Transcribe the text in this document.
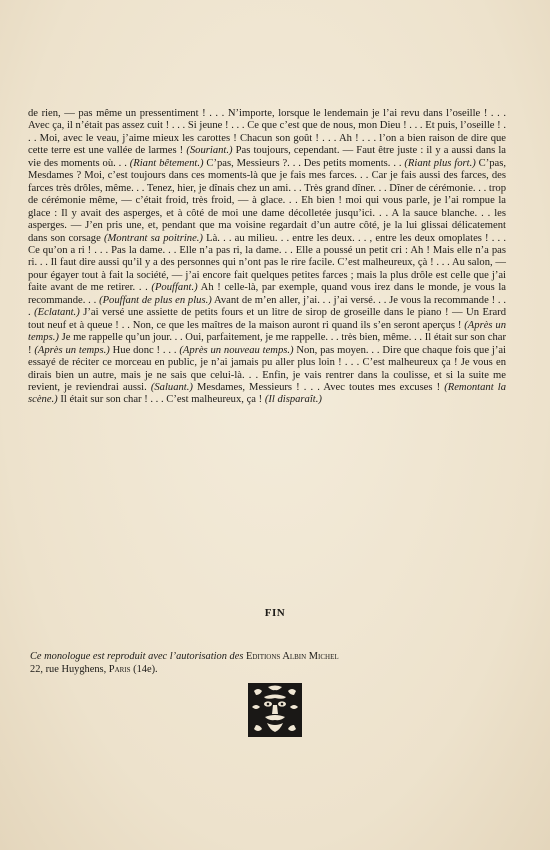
de rien, — pas même un pressentiment ! . . . N’importe, lorsque le lendemain je l’ai revu dans l’oseille ! . . . Avec ça, il n’était pas assez cuit ! . . . Si jeune ! . . . Ce que c’est que de nous, mon Dieu ! . . . Et puis, l’oseille ! . . . Moi, avec le veau, j’aime mieux les carottes ! Chacun son goût ! . . . Ah ! . . . l’on a bien raison de dire que cette terre est une vallée de larmes ! (Souriant.) Pas toujours, cependant. — Faut être juste : il y a aussi dans la vie des moments où. . . (Riant bêtement.) C’pas, Messieurs ?. . . Des petits moments. . . (Riant plus fort.) C’pas, Mesdames ? Moi, c’est toujours dans ces moments-là que je fais mes farces. . . Car je fais aussi des farces, des farces très drôles, même. . . Tenez, hier, je dînais chez un ami. . . Très grand dîner. . . Dîner de cérémonie. . . trop de cérémonie même, — c’était froid, très froid, — à glace. . . Eh bien ! moi qui vous parle, je l’ai rompue la glace : Il y avait des asperges, et à côté de moi une dame décolletée jusqu’ici. . . A la sauce blanche. . . les asperges. — J’en pris une, et, pendant que ma voisine regardait d’un autre côté, je la lui glissai délicatement dans son corsage (Montrant sa poitrine.) Là. . . au milieu. . . entre les deux. . . , entre les deux omoplates ! . . . Ce qu’on a ri ! . . . Pas la dame. . . Elle n’a pas ri, la dame. . . Elle a poussé un petit cri : Ah ! Mais elle n’a pas ri. . . Il faut dire aussi qu’il y a des personnes qui n’ont pas le rire facile. C’est malheureux, çà ! . . . Au salon, — pour égayer tout à fait la société, — j’ai encore fait quelques petites farces ; mais la plus drôle est celle que j’ai faite avant de me retirer. . . (Pouffant.) Ah ! celle-là, par exemple, quand vous irez dans le monde, je vous la recommande. . . (Pouffant de plus en plus.) Avant de m’en aller, j’ai. . . j’ai versé. . . Je vous la recommande ! . . . (Eclatant.) J’ai versé une assiette de petits fours et un litre de sirop de groseille dans le piano ! — Un Erard tout neuf et à queue ! . . Non, ce que les maîtres de la maison auront ri quand ils s’en seront aperçus ! (Après un temps.) Je me rappelle qu’un jour. . . Oui, parfaitement, je me rappelle. . . très bien, même. . . Il était sur son char ! (Après un temps.) Hue donc ! . . . (Après un nouveau temps.) Non, pas moyen. . . Dire que chaque fois que j’ai essayé de réciter ce morceau en public, je n’ai jamais pu aller plus loin ! . . . C’est malheureux ça ! Je vous en dirais bien un autre, mais je ne sais que celui-là. . . Enfin, je vais rentrer dans la coulisse, et si la suite me revient, je reviendrai aussi. (Saluant.) Mesdames, Messieurs ! . . . Avec toutes mes excuses ! (Remontant la scène.) Il était sur son char ! . . . C’est malheureux, ça ! (Il disparaît.)

FIN
Ce monologue est reproduit avec l’autorisation des Editions Albin Michel
22, rue Huyghens, Paris (14e).
